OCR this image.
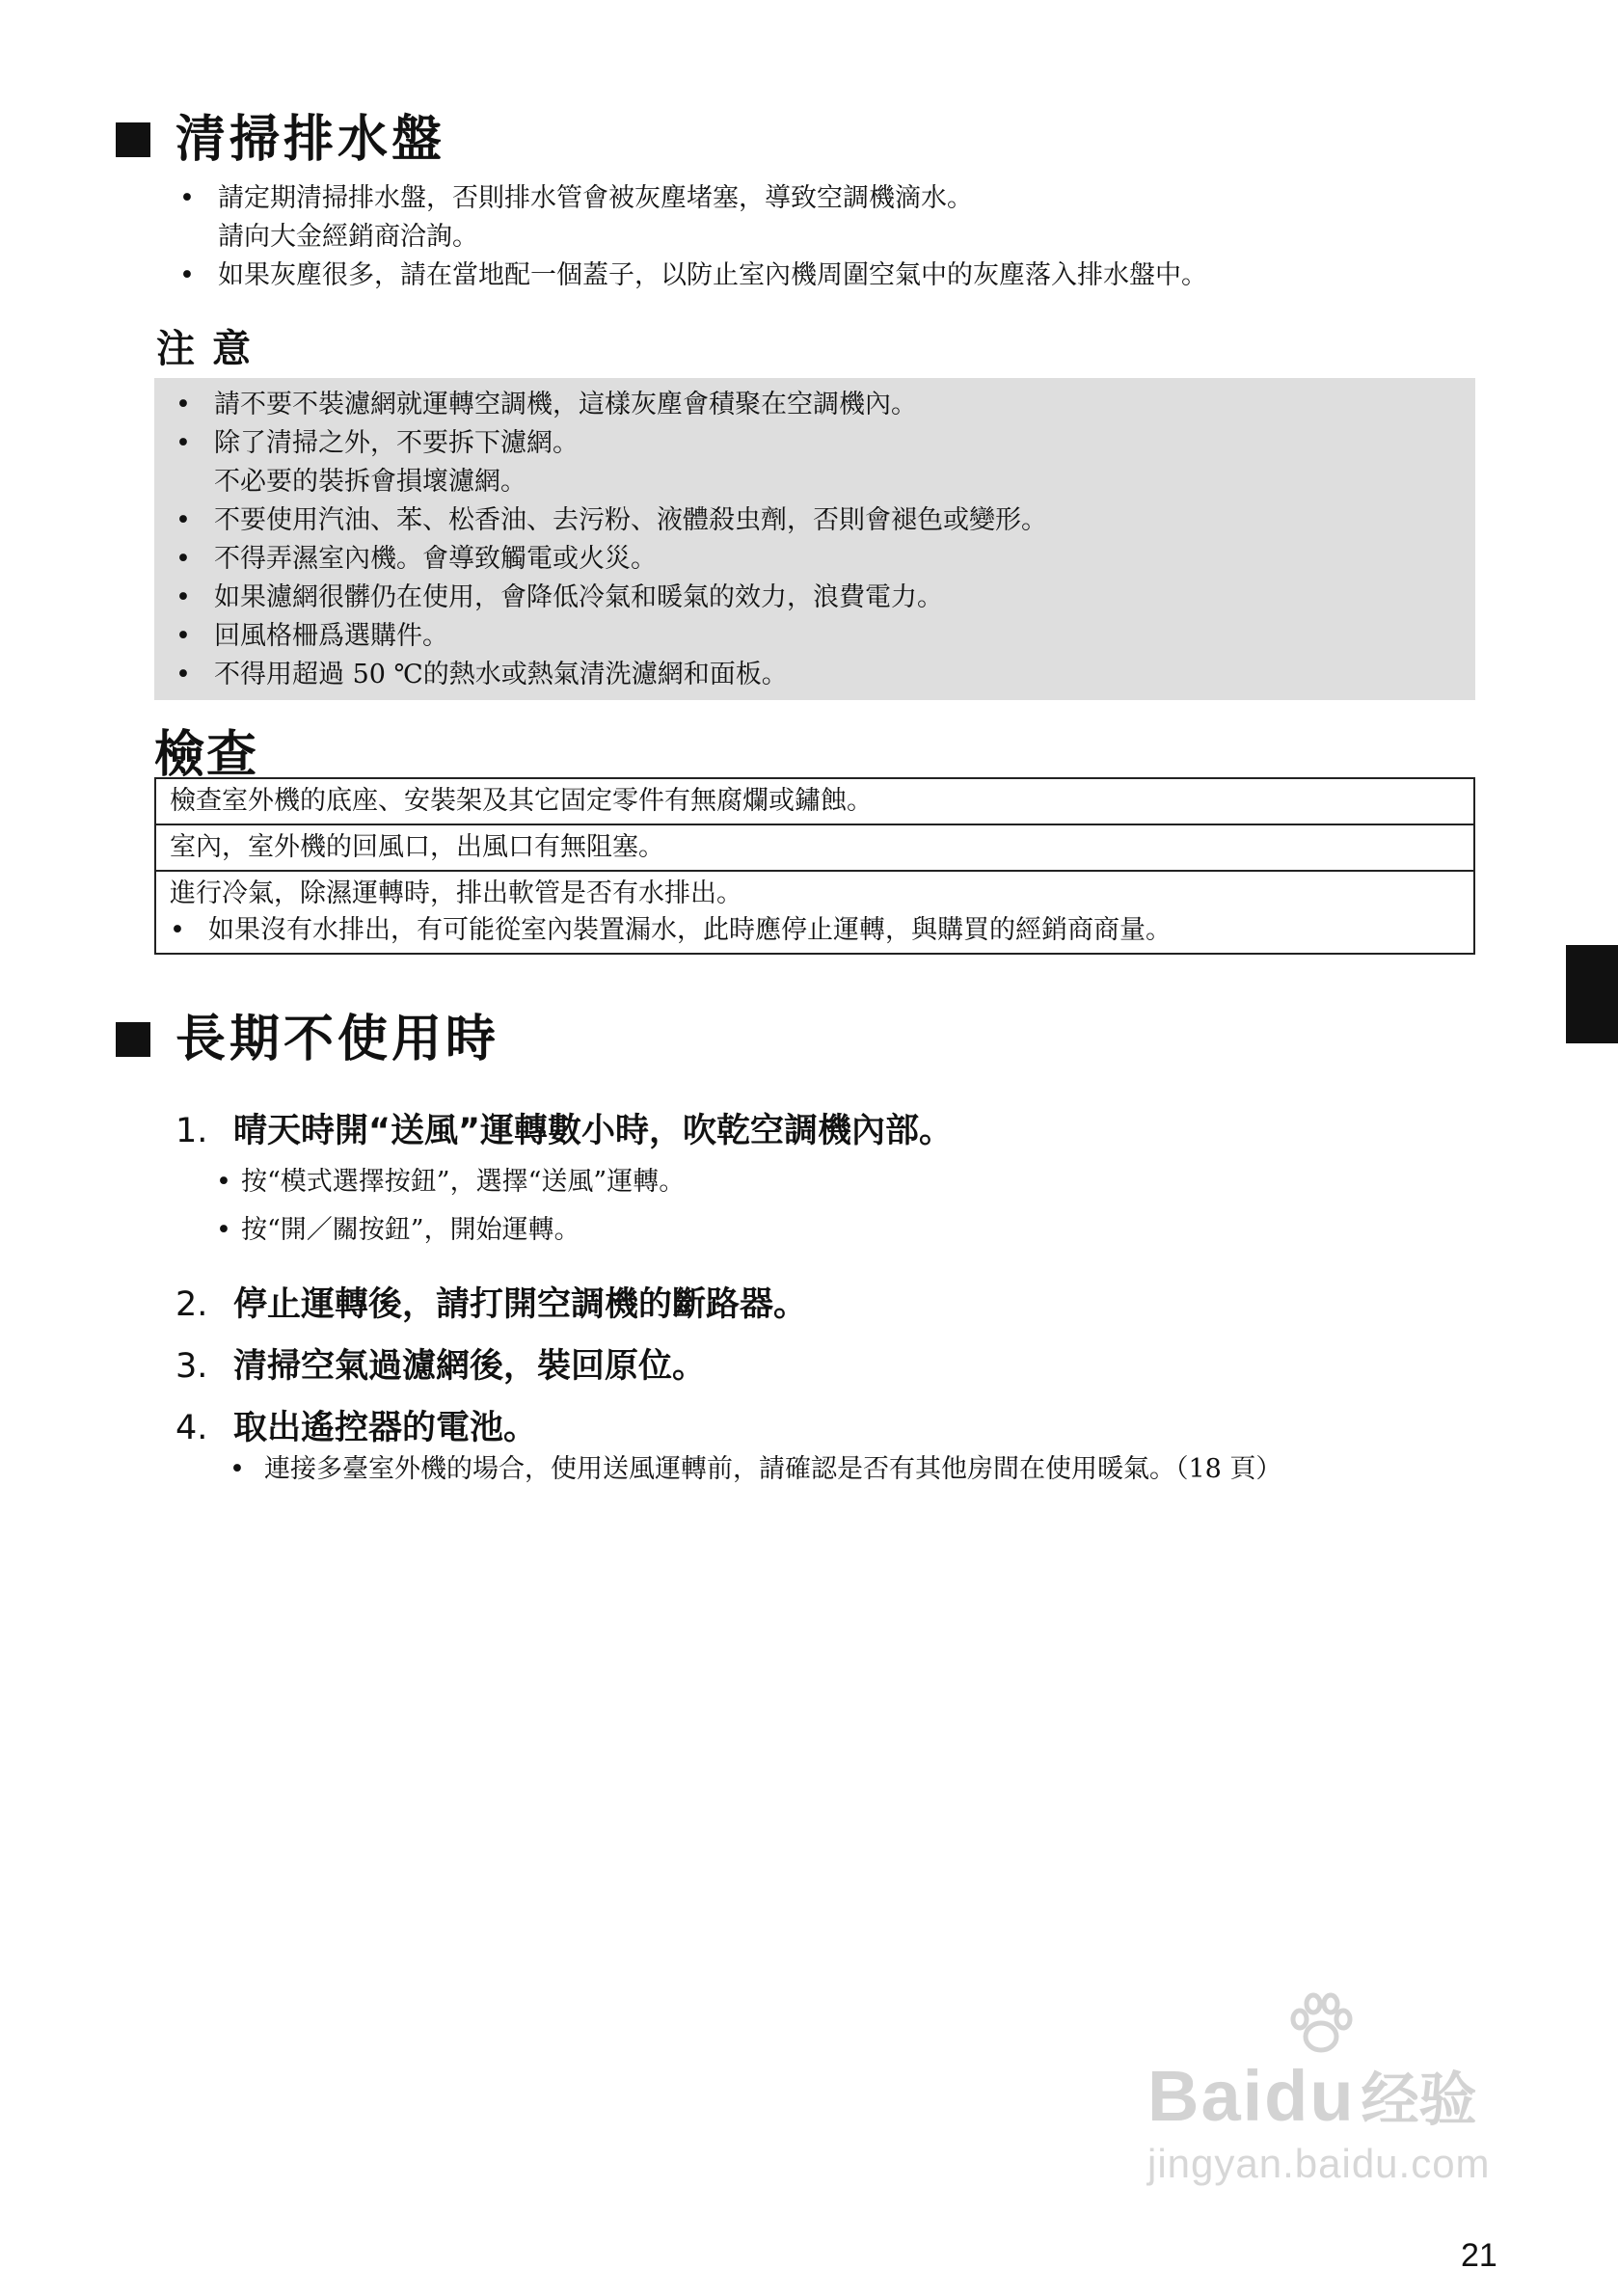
清掃排水盤
• 請定期清掃排水盤，否則排水管會被灰塵堵塞，導致空調機滴水。
請向大金經銷商洽詢。
• 如果灰塵很多，請在當地配一個蓋子，以防止室內機周圍空氣中的灰塵落入排水盤中。
注意
• 請不要不裝濾網就運轉空調機，這樣灰塵會積聚在空調機內。
• 除了清掃之外，不要拆下濾網。
不必要的裝拆會損壞濾網。
• 不要使用汽油、苯、松香油、去污粉、液體殺虫劑，否則會褪色或變形。
• 不得弄濕室內機。會導致觸電或火災。
• 如果濾網很髒仍在使用，會降低冷氣和暖氣的效力，浪費電力。
• 回風格柵爲選購件。
• 不得用超過 50 ℃的熱水或熱氣清洗濾網和面板。
檢查
檢查室外機的底座、安裝架及其它固定零件有無腐爛或鏽蝕。
室內，室外機的回風口，出風口有無阻塞。

進行冷氣，除濕運轉時，排出軟管是否有水排出。
• 如果沒有水排出，有可能從室內裝置漏水，此時應停止運轉，與購買的經銷商商量。
長期不使用時
1. 晴天時開“送風”運轉數小時，吹乾空調機內部。
• 按“模式選擇按鈕”，選擇“送風”運轉。
• 按“開／關按鈕”，開始運轉。
2. 停止運轉後，請打開空調機的斷路器。
3. 清掃空氣過濾網後，裝回原位。
4. 取出遙控器的電池。
• 連接多臺室外機的場合，使用送風運轉前，請確認是否有其他房間在使用暖氣。（18 頁）
Bai du 经验
jingyan.baidu.com
21
